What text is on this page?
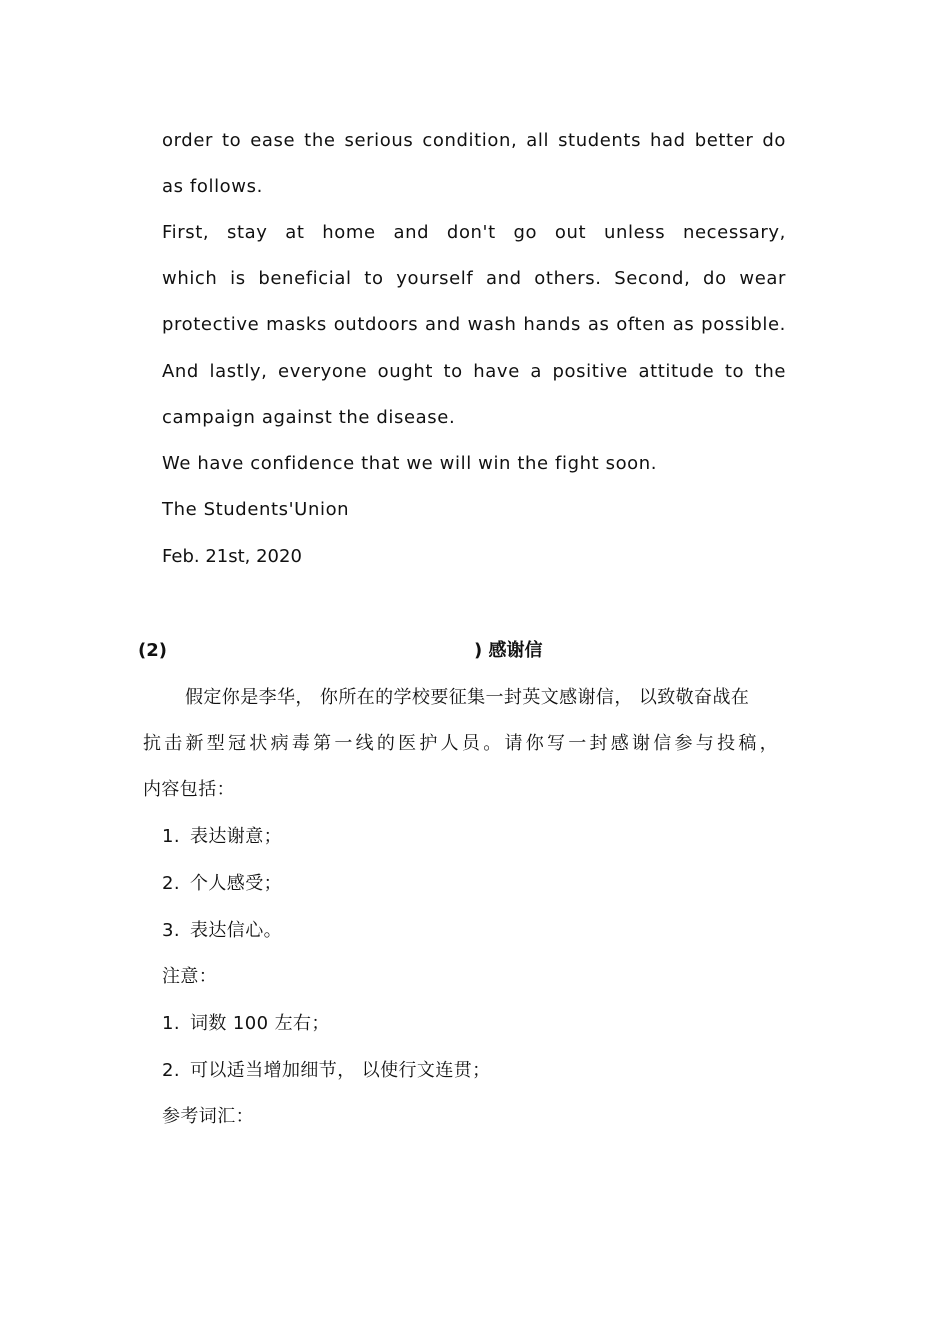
order to ease the serious condition, all students had better do
as follows.
First, stay at home and don't go out unless necessary,
which is beneficial to yourself and others. Second, do wear
protective masks outdoors and wash hands as often as possible.
And lastly, everyone ought to have a positive attitude to the
campaign against the disease.
We have confidence that we will win the fight soon.
The Students'Union
Feb. 21st, 2020
(2)	) 感谢信
假定你是李华， 你所在的学校要征集一封英文感谢信， 以致敬奋战在
抗击新型冠状病毒第一线的医护人员。请你写一封感谢信参与投稿，
内容包括：
1. 表达谢意；
2. 个人感受；
3. 表达信心。
注意：
1. 词数 100 左右；
2. 可以适当增加细节， 以使行文连贯；
参考词汇：
